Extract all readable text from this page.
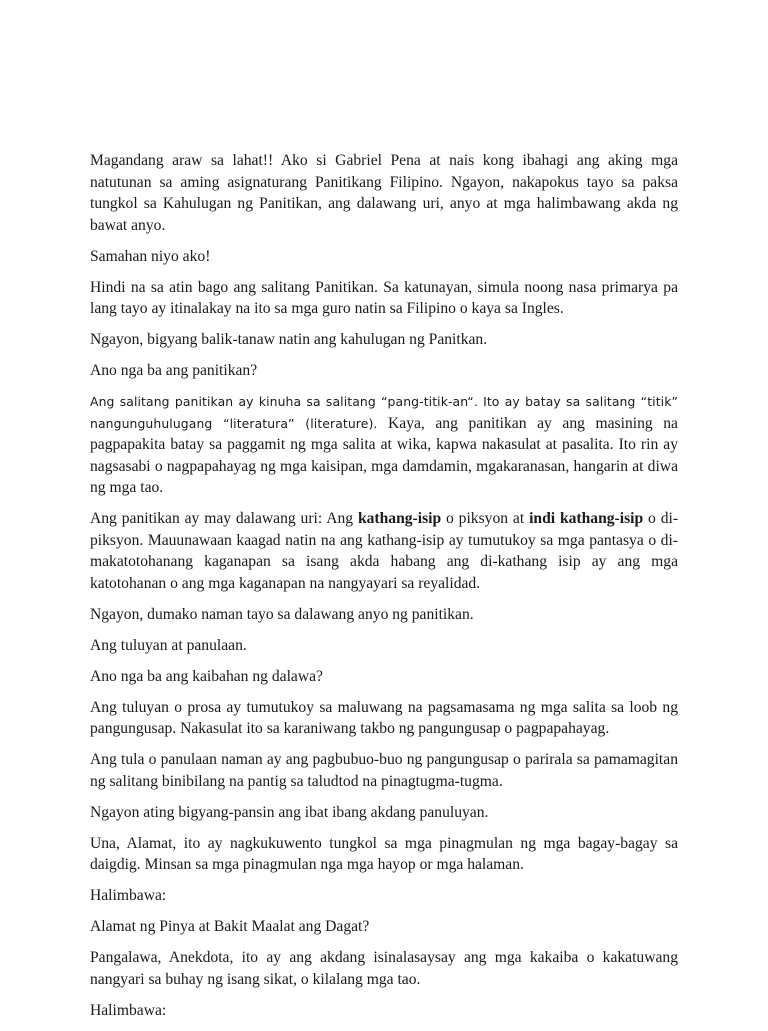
Magandang araw sa lahat!! Ako si Gabriel Pena at nais kong ibahagi ang aking mga natutunan sa aming asignaturang Panitikang Filipino. Ngayon, nakapokus tayo sa paksa tungkol sa Kahulugan ng Panitikan, ang dalawang uri, anyo at mga halimbawang akda ng bawat anyo.

Samahan niyo ako!

Hindi na sa atin bago ang salitang Panitikan. Sa katunayan, simula noong nasa primarya pa lang tayo ay itinalakay na ito sa mga guro natin sa Filipino o kaya sa Ingles.

Ngayon, bigyang balik-tanaw natin ang kahulugan ng Panitkan.

Ano nga ba ang panitikan?

Ang salitang panitikan ay kinuha sa salitang “pang-titik-an“. Ito ay batay sa salitang “titik” nangunguhulugang “literatura” (literature). Kaya, ang panitikan ay ang masining na pagpapakita batay sa paggamit ng mga salita at wika, kapwa nakasulat at pasalita. Ito rin ay nagsasabi o nagpapahayag ng mga kaisipan, mga damdamin, mgakaranasan, hangarin at diwa ng mga tao.

Ang panitikan ay may dalawang uri: Ang kathang-isip o piksyon at indi kathang-isip o di-piksyon. Mauunawaan kaagad natin na ang kathang-isip ay tumutukoy sa mga pantasya o di-makatotohanang kaganapan sa isang akda habang ang di-kathang isip ay ang mga katotohanan o ang mga kaganapan na nangyayari sa reyalidad.

Ngayon, dumako naman tayo sa dalawang anyo ng panitikan.

Ang tuluyan at panulaan.

Ano nga ba ang kaibahan ng dalawa?

Ang tuluyan o prosa ay tumutukoy sa maluwang na pagsamasama ng mga salita sa loob ng pangungusap. Nakasulat ito sa karaniwang takbo ng pangungusap o pagpapahayag.

Ang tula o panulaan naman ay ang pagbubuo-buo ng pangungusap o parirala sa pamamagitan ng salitang binibilang na pantig sa taludtod na pinagtugma-tugma.

Ngayon ating bigyang-pansin ang ibat ibang akdang panuluyan.

Una, Alamat, ito ay nagkukuwento tungkol sa mga pinagmulan ng mga bagay-bagay sa daigdig. Minsan sa mga pinagmulan nga mga hayop or mga halaman.

Halimbawa:

Alamat ng Pinya at Bakit Maalat ang Dagat?

Pangalawa, Anekdota, ito ay ang akdang isinalasaysay ang mga kakaiba o kakatuwang nangyari sa buhay ng isang sikat, o kilalang mga tao.

Halimbawa:
